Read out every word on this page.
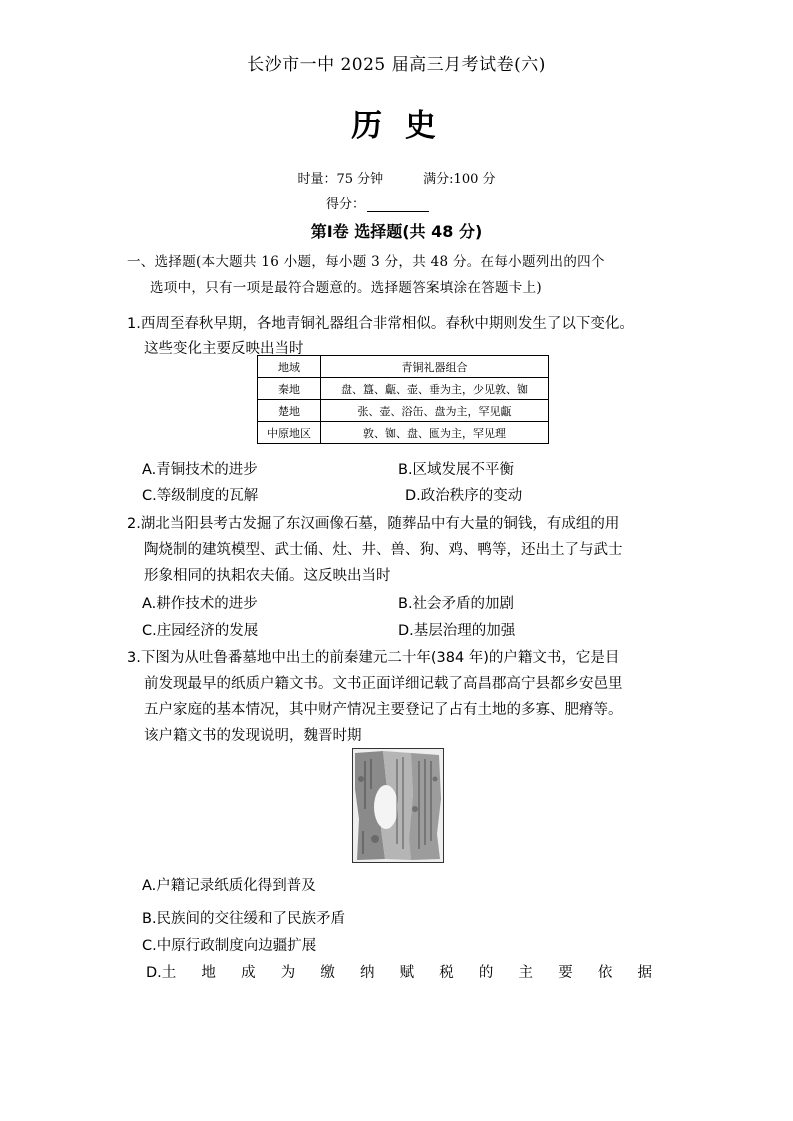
长沙市一中 2025 届高三月考试卷(六)
历 史
时量：75 分钟	满分:100 分
得分：
第Ⅰ卷 选择题(共 48 分)
一、选择题(本大题共 16 小题，每小题 3 分，共 48 分。在每小题列出的四个
选项中，只有一项是最符合题意的。选择题答案填涂在答题卡上)
1.西周至春秋早期，各地青铜礼器组合非常相似。春秋中期则发生了以下变化。
这些变化主要反映出当时
地域	青铜礼器组合
秦地	盘、簋、甗、壶、垂为主，少见敦、铷
楚地	张、壶、浴缶、盘为主，罕见甗
中原地区	敦、铷、盘、匜为主，罕见理
A.青铜技术的进步	B.区域发展不平衡
C.等级制度的瓦解	D.政治秩序的变动
2.湖北当阳县考古发掘了东汉画像石墓，随葬品中有大量的铜钱，有成组的用
陶烧制的建筑模型、武士俑、灶、井、兽、狗、鸡、鸭等，还出土了与武士
形象相同的执耜农夫俑。这反映出当时
A.耕作技术的进步	B.社会矛盾的加剧
C.庄园经济的发展	D.基层治理的加强
3.下图为从吐鲁番墓地中出土的前秦建元二十年(384 年)的户籍文书，它是目
前发现最早的纸质户籍文书。文书正面详细记载了高昌郡高宁县都乡安邑里
五户家庭的基本情况，其中财产情况主要登记了占有土地的多寡、肥瘠等。
该户籍文书的发现说明，魏晋时期
A.户籍记录纸质化得到普及
B.民族间的交往缓和了民族矛盾
C.中原行政制度向边疆扩展
D.土 地 成 为 缴 纳 赋 税 的 主 要 依 据
